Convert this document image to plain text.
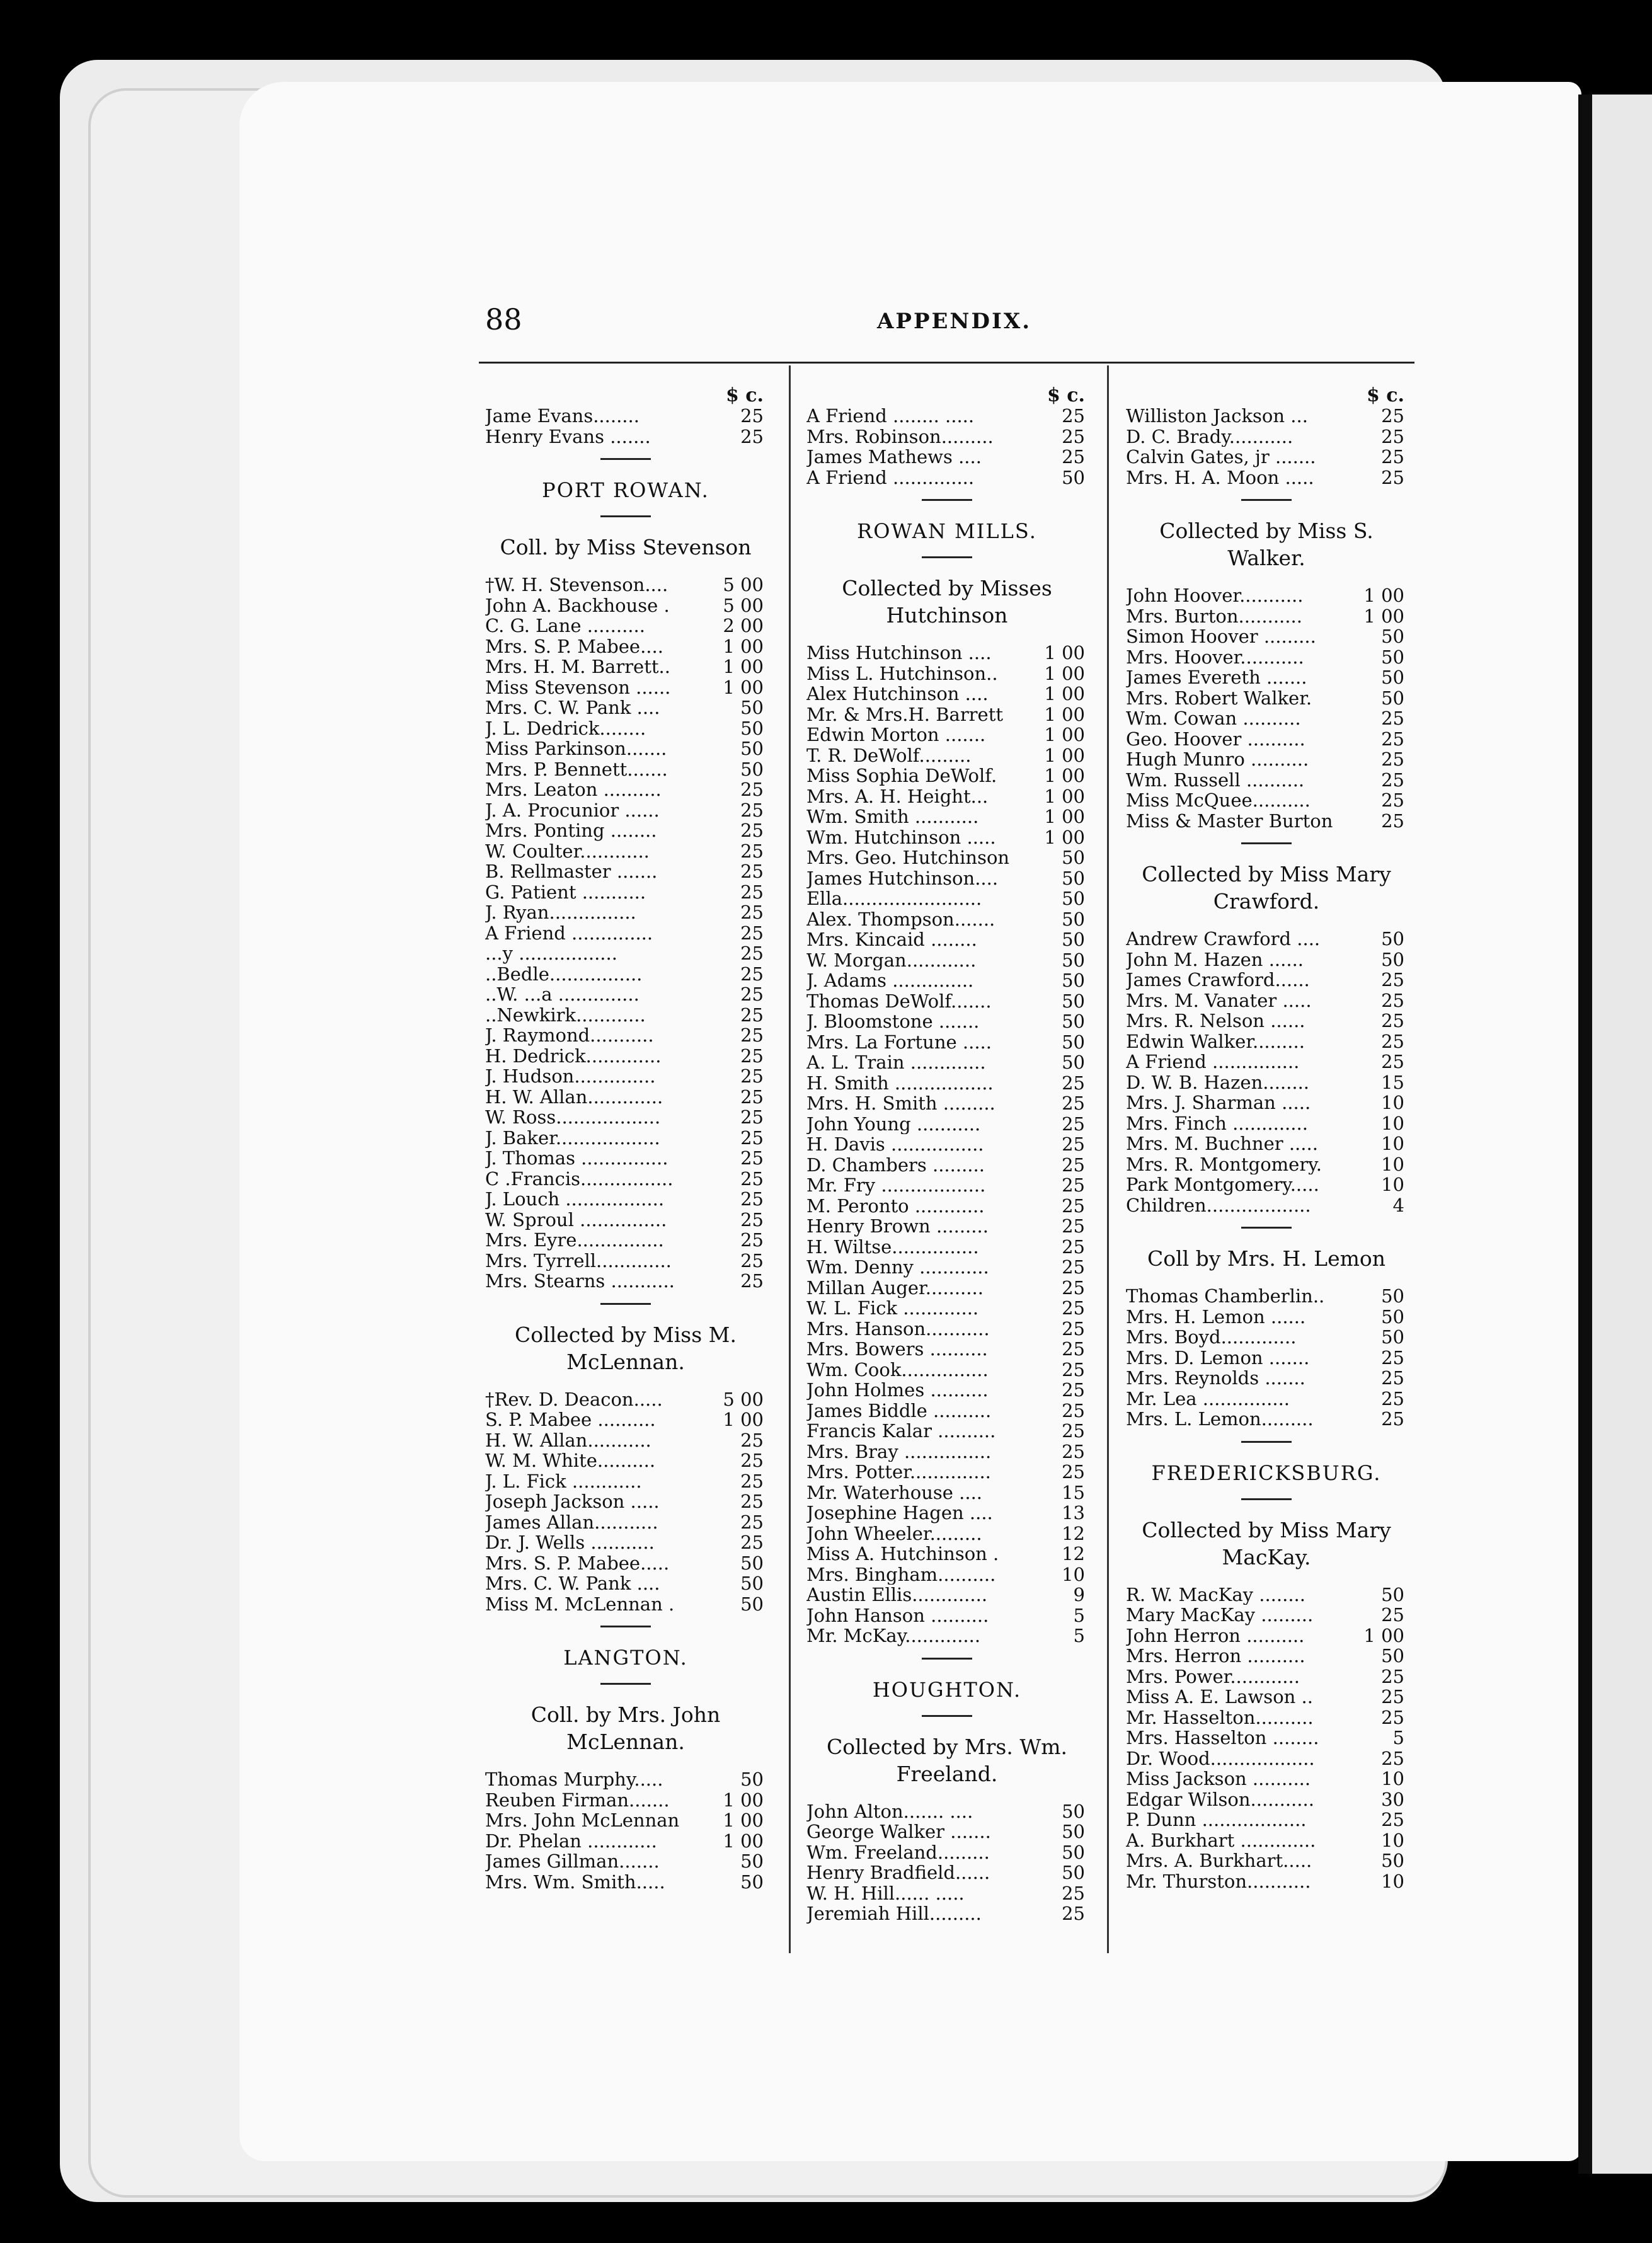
88	APPENDIX.
$ c.
Jame Evans........	25
Henry Evans .......	25
PORT ROWAN.
Coll. by Miss Stevenson
†W. H. Stevenson....	5 00
John A. Backhouse .	5 00
C. G. Lane ..........	2 00
Mrs. S. P. Mabee....	1 00
Mrs. H. M. Barrett..	1 00
Miss Stevenson ......	1 00
Mrs. C. W. Pank ....	50
J. L. Dedrick........	50
Miss Parkinson.......	50
Mrs. P. Bennett.......	50
Mrs. Leaton ..........	25
J. A. Procunior ......	25
Mrs. Ponting ........	25
W. Coulter............	25
B. Rellmaster .......	25
G. Patient ...........	25
J. Ryan...............	25
A Friend ..............	25
...y .................	25
..Bedle................	25
..W. ...a ..............	25
..Newkirk............	25
J. Raymond...........	25
H. Dedrick.............	25
J. Hudson..............	25
H. W. Allan.............	25
W. Ross..................	25
J. Baker..................	25
J. Thomas ...............	25
C .Francis................	25
J. Louch .................	25
W. Sproul ...............	25
Mrs. Eyre...............	25
Mrs. Tyrrell.............	25
Mrs. Stearns ...........	25
Collected by Miss M. McLennan.
†Rev. D. Deacon.....	5 00
S. P. Mabee ..........	1 00
H. W. Allan...........	25
W. M. White..........	25
J. L. Fick ............	25
Joseph Jackson .....	25
James Allan...........	25
Dr. J. Wells ...........	25
Mrs. S. P. Mabee.....	50
Mrs. C. W. Pank ....	50
Miss M. McLennan .	50
LANGTON.
Coll. by Mrs. John McLennan.
Thomas Murphy.....	50
Reuben Firman.......	1 00
Mrs. John McLennan	1 00
Dr. Phelan ............	1 00
James Gillman.......	50
Mrs. Wm. Smith.....	50
$ c.
A Friend ........ .....	25
Mrs. Robinson.........	25
James Mathews ....	25
A Friend ..............	50
ROWAN MILLS.
Collected by Misses Hutchinson
Miss Hutchinson ....	1 00
Miss L. Hutchinson..	1 00
Alex Hutchinson ....	1 00
Mr. & Mrs.H. Barrett	1 00
Edwin Morton .......	1 00
T. R. DeWolf.........	1 00
Miss Sophia DeWolf.	1 00
Mrs. A. H. Height...	1 00
Wm. Smith ...........	1 00
Wm. Hutchinson .....	1 00
Mrs. Geo. Hutchinson	50
James Hutchinson....	50
Ella........................	50
Alex. Thompson.......	50
Mrs. Kincaid ........	50
W. Morgan............	50
J. Adams ..............	50
Thomas DeWolf.......	50
J. Bloomstone .......	50
Mrs. La Fortune .....	50
A. L. Train .............	50
H. Smith .................	25
Mrs. H. Smith .........	25
John Young ...........	25
H. Davis ................	25
D. Chambers .........	25
Mr. Fry ..................	25
M. Peronto ............	25
Henry Brown .........	25
H. Wiltse...............	25
Wm. Denny ............	25
Millan Auger..........	25
W. L. Fick .............	25
Mrs. Hanson...........	25
Mrs. Bowers ..........	25
Wm. Cook...............	25
John Holmes ..........	25
James Biddle ..........	25
Francis Kalar ..........	25
Mrs. Bray ...............	25
Mrs. Potter..............	25
Mr. Waterhouse ....	15
Josephine Hagen ....	13
John Wheeler.........	12
Miss A. Hutchinson .	12
Mrs. Bingham..........	10
Austin Ellis.............	9
John Hanson ..........	5
Mr. McKay.............	5
HOUGHTON.
Collected by Mrs. Wm. Freeland.
John Alton....... ....	50
George Walker .......	50
Wm. Freeland.........	50
Henry Bradfield......	50
W. H. Hill...... .....	25
Jeremiah Hill.........	25
$ c.
Williston Jackson ...	25
D. C. Brady...........	25
Calvin Gates, jr .......	25
Mrs. H. A. Moon .....	25
Collected by Miss S. Walker.
John Hoover...........	1 00
Mrs. Burton...........	1 00
Simon Hoover .........	50
Mrs. Hoover...........	50
James Evereth .......	50
Mrs. Robert Walker.	50
Wm. Cowan ..........	25
Geo. Hoover ..........	25
Hugh Munro ..........	25
Wm. Russell ..........	25
Miss McQuee..........	25
Miss & Master Burton	25
Collected by Miss Mary Crawford.
Andrew Crawford ....	50
John M. Hazen ......	50
James Crawford......	25
Mrs. M. Vanater .....	25
Mrs. R. Nelson ......	25
Edwin Walker.........	25
A Friend ...............	25
D. W. B. Hazen........	15
Mrs. J. Sharman .....	10
Mrs. Finch .............	10
Mrs. M. Buchner .....	10
Mrs. R. Montgomery.	10
Park Montgomery.....	10
Children..................	4
Coll by Mrs. H. Lemon
Thomas Chamberlin..	50
Mrs. H. Lemon ......	50
Mrs. Boyd.............	50
Mrs. D. Lemon .......	25
Mrs. Reynolds .......	25
Mr. Lea ...............	25
Mrs. L. Lemon.........	25
FREDERICKSBURG.
Collected by Miss Mary MacKay.
R. W. MacKay ........	50
Mary MacKay .........	25
John Herron ..........	1 00
Mrs. Herron ..........	50
Mrs. Power............	25
Miss A. E. Lawson ..	25
Mr. Hasselton..........	25
Mrs. Hasselton ........	5
Dr. Wood..................	25
Miss Jackson ..........	10
Edgar Wilson...........	30
P. Dunn ..................	25
A. Burkhart .............	10
Mrs. A. Burkhart.....	50
Mr. Thurston...........	10
